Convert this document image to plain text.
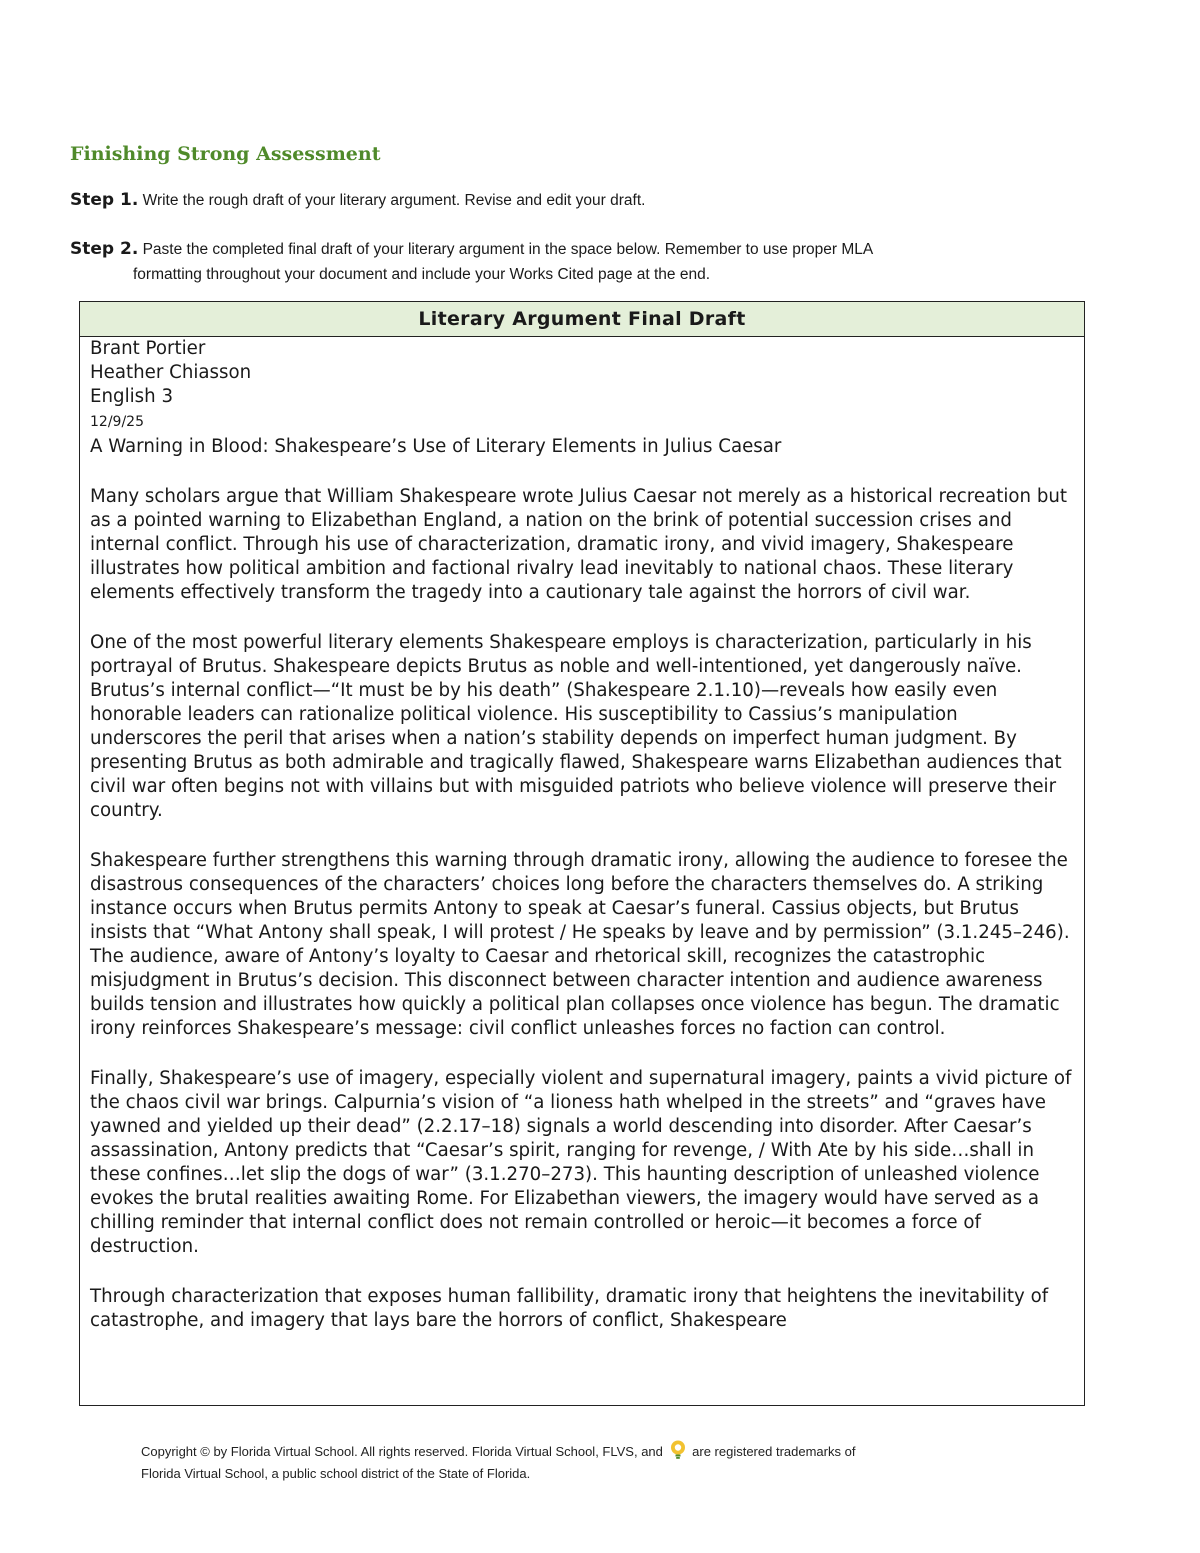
Finishing Strong Assessment
Step 1. Write the rough draft of your literary argument. Revise and edit your draft.
Step 2. Paste the completed final draft of your literary argument in the space below. Remember to use proper MLA
formatting throughout your document and include your Works Cited page at the end.
Literary Argument Final Draft
Brant Portier
Heather Chiasson
English 3
12/9/25
A Warning in Blood: Shakespeare’s Use of Literary Elements in Julius Caesar
Many scholars argue that William Shakespeare wrote Julius Caesar not merely as a historical recreation but as a pointed warning to Elizabethan England, a nation on the brink of potential succession crises and internal conflict. Through his use of characterization, dramatic irony, and vivid imagery, Shakespeare illustrates how political ambition and factional rivalry lead inevitably to national chaos. These literary elements effectively transform the tragedy into a cautionary tale against the horrors of civil war.
One of the most powerful literary elements Shakespeare employs is characterization, particularly in his portrayal of Brutus. Shakespeare depicts Brutus as noble and well-intentioned, yet dangerously naïve. Brutus’s internal conflict—“It must be by his death” (Shakespeare 2.1.10)—reveals how easily even honorable leaders can rationalize political violence. His susceptibility to Cassius’s manipulation underscores the peril that arises when a nation’s stability depends on imperfect human judgment. By presenting Brutus as both admirable and tragically flawed, Shakespeare warns Elizabethan audiences that civil war often begins not with villains but with misguided patriots who believe violence will preserve their country.
Shakespeare further strengthens this warning through dramatic irony, allowing the audience to foresee the disastrous consequences of the characters’ choices long before the characters themselves do. A striking instance occurs when Brutus permits Antony to speak at Caesar’s funeral. Cassius objects, but Brutus insists that “What Antony shall speak, I will protest / He speaks by leave and by permission” (3.1.245–246). The audience, aware of Antony’s loyalty to Caesar and rhetorical skill, recognizes the catastrophic misjudgment in Brutus’s decision. This disconnect between character intention and audience awareness builds tension and illustrates how quickly a political plan collapses once violence has begun. The dramatic irony reinforces Shakespeare’s message: civil conflict unleashes forces no faction can control.
Finally, Shakespeare’s use of imagery, especially violent and supernatural imagery, paints a vivid picture of the chaos civil war brings. Calpurnia’s vision of “a lioness hath whelped in the streets” and “graves have yawned and yielded up their dead” (2.2.17–18) signals a world descending into disorder. After Caesar’s assassination, Antony predicts that “Caesar’s spirit, ranging for revenge, / With Ate by his side…shall in these confines…let slip the dogs of war” (3.1.270–273). This haunting description of unleashed violence evokes the brutal realities awaiting Rome. For Elizabethan viewers, the imagery would have served as a chilling reminder that internal conflict does not remain controlled or heroic—it becomes a force of destruction.
Through characterization that exposes human fallibility, dramatic irony that heightens the inevitability of catastrophe, and imagery that lays bare the horrors of conflict, Shakespeare
Copyright © by Florida Virtual School. All rights reserved. Florida Virtual School, FLVS, and are registered trademarks of
Florida Virtual School, a public school district of the State of Florida.
